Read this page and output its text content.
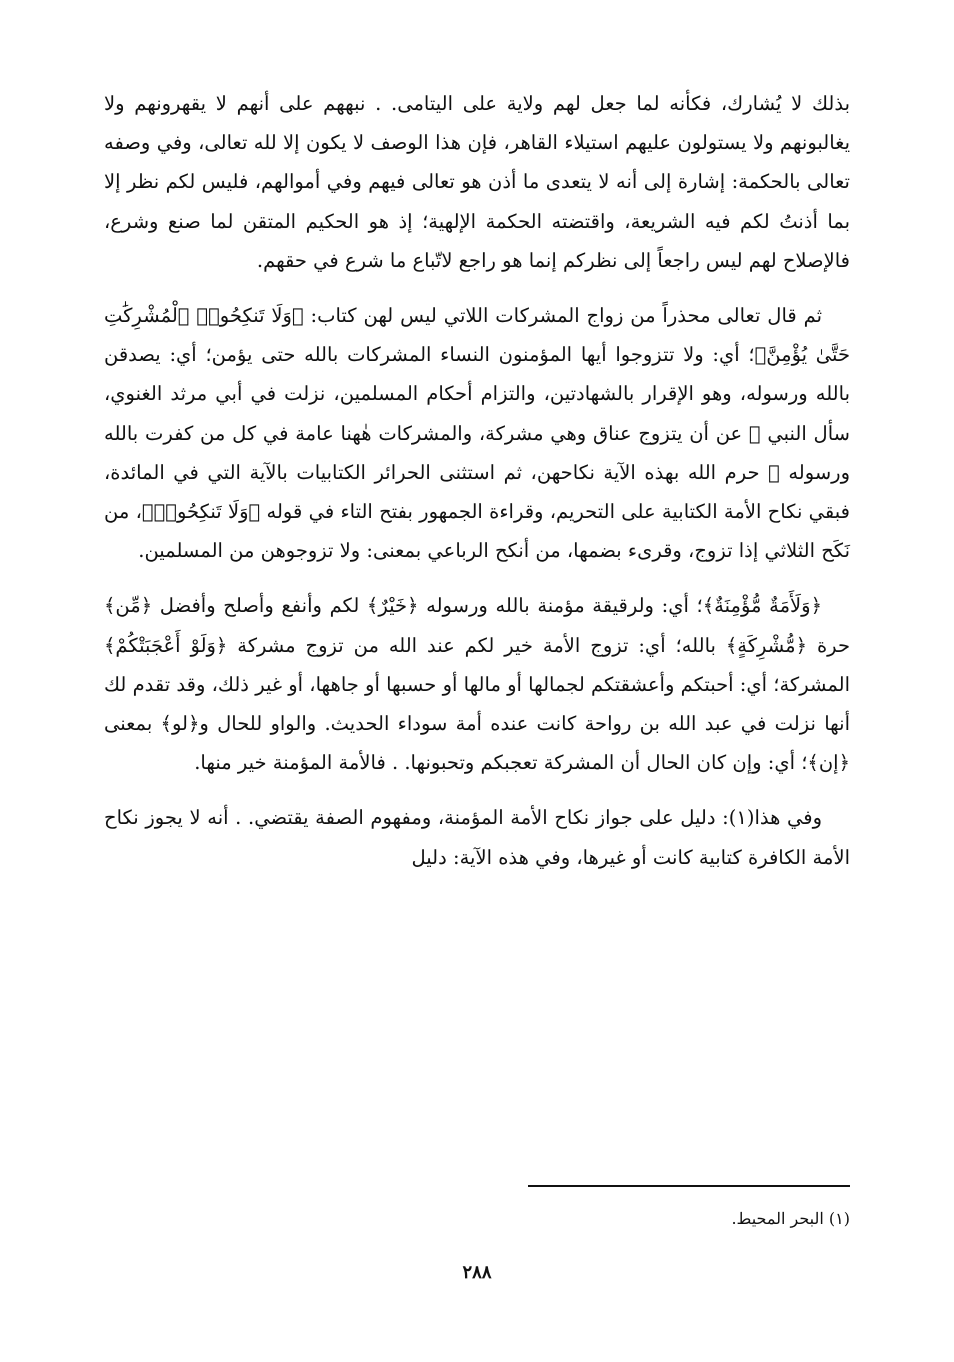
بذلك لا يُشارك، فكأنه لما جعل لهم ولاية على اليتامى. . نبههم على أنهم لا يقهرونهم ولا يغالبونهم ولا يستولون عليهم استيلاء القاهر، فإن هذا الوصف لا يكون إلا لله تعالى، وفي وصفه تعالى بالحكمة: إشارة إلى أنه لا يتعدى ما أذن هو تعالى فيهم وفي أموالهم، فليس لكم نظر إلا بما أذنتُ لكم فيه الشريعة، واقتضته الحكمة الإلهية؛ إذ هو الحكيم المتقن لما صنع وشرع، فالإصلاح لهم ليس راجعاً إلى نظركم إنما هو راجع لاتّباع ما شرع في حقهم.

ثم قال تعالى محذراً من زواج المشركات اللاتي ليس لهن كتاب: ﴿وَلَا تَنكِحُوا۟ ٱلْمُشْرِكَٰتِ حَتَّىٰ يُؤْمِنَّ﴾؛ أي: ولا تتزوجوا أيها المؤمنون النساء المشركات بالله حتى يؤمن؛ أي: يصدقن بالله ورسوله، وهو الإقرار بالشهادتين، والتزام أحكام المسلمين، نزلت في أبي مرثد الغنوي، سأل النبي ﷺ عن أن يتزوج عناق وهي مشركة، والمشركات هٰهنا عامة في كل من كفرت بالله ورسوله ﷺ حرم الله بهذه الآية نكاحهن، ثم استثنى الحرائر الكتابيات بالآية التي في المائدة، فبقي نكاح الأمة الكتابية على التحريم، وقراءة الجمهور بفتح التاء في قوله ﴿وَلَا تَنكِحُوا۟﴾، من نَكَح الثلاثي إذا تزوج، وقرىء بضمها، من أنكح الرباعي بمعنى: ولا تزوجوهن من المسلمين.

﴿وَلَأَمَةٌ مُّؤْمِنَةٌ﴾؛ أي: ولرقيقة مؤمنة بالله ورسوله ﴿خَيْرٌ﴾ لكم وأنفع وأصلح وأفضل ﴿مِّن﴾ حرة ﴿مُّشْرِكَةٍ﴾ بالله؛ أي: تزوج الأمة خير لكم عند الله من تزوج مشركة ﴿وَلَوْ أَعْجَبَتْكُمْ﴾ المشركة؛ أي: أحبتكم وأعشقتكم لجمالها أو مالها أو حسبها أو جاهها، أو غير ذلك، وقد تقدم لك أنها نزلت في عبد الله بن رواحة كانت عنده أمة سوداء الحديث. والواو للحال و﴿لو﴾ بمعنى ﴿إن﴾؛ أي: وإن كان الحال أن المشركة تعجبكم وتحبونها. . فالأمة المؤمنة خير منها.

وفي هذا(١): دليل على جواز نكاح الأمة المؤمنة، ومفهوم الصفة يقتضي. . أنه لا يجوز نكاح الأمة الكافرة كتابية كانت أو غيرها، وفي هذه الآية: دليل

(١) البحر المحيط.
٢٨٨
